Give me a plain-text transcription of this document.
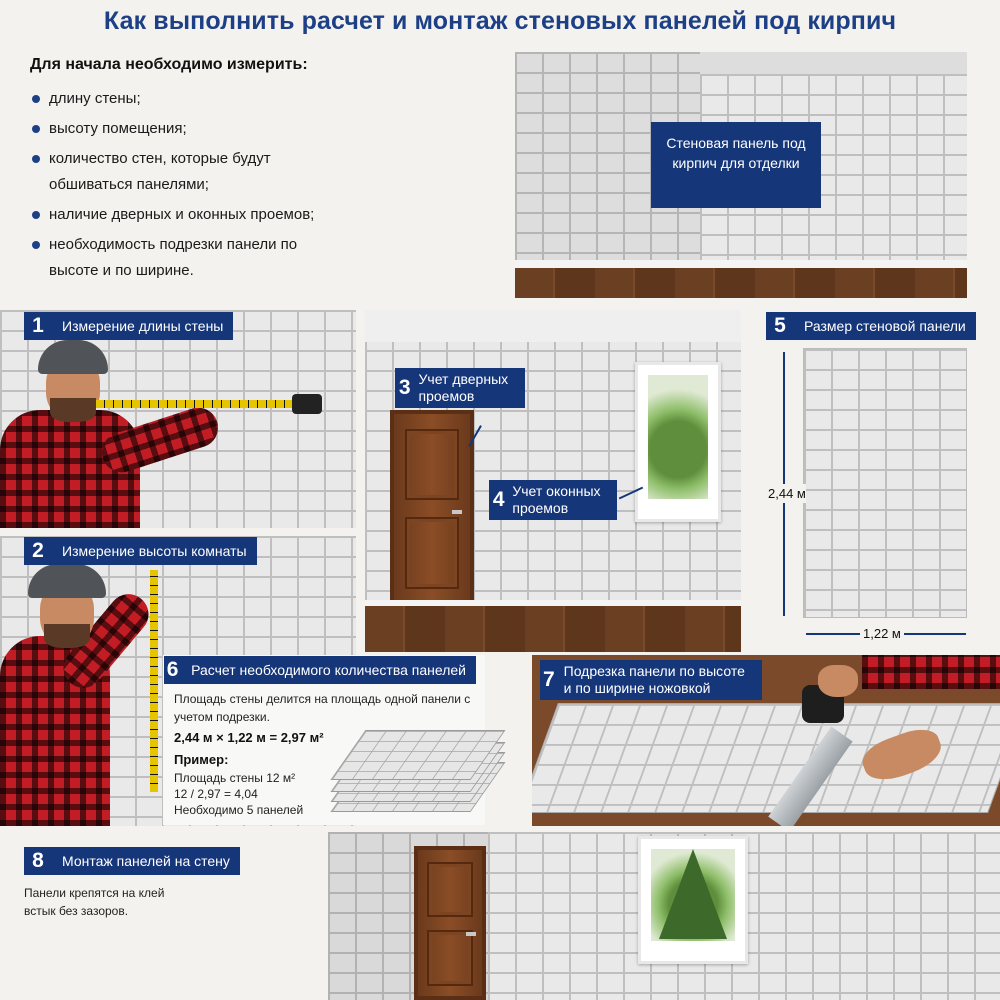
Как выполнить расчет и монтаж стеновых панелей под кирпич
Для начала необходимо измерить:
длину стены;
высоту помещения;
количество стен, которые будут обшиваться панелями;
наличие дверных и оконных проемов;
необходимость подрезки панели по высоте и по ширине.
Стеновая панель под кирпич для отделки
1	Измерение длины стены
2	Измерение высоты комнаты
3 Учет дверных проемов
4 Учет оконных проемов
5	Размер стеновой панели
2,44 м
1,22 м
6 Расчет необходимого количества панелей
Площадь стены делится на площадь одной панели с учетом подрезки.
2,44 м × 1,22 м = 2,97 м²
Пример:
Площадь стены 12 м²
12 / 2,97 = 4,04
Необходимо 5 панелей
7 Подрезка панели по высоте и по ширине ножовкой
8	Монтаж панелей на стену
Панели крепятся на клей встык без зазоров.
